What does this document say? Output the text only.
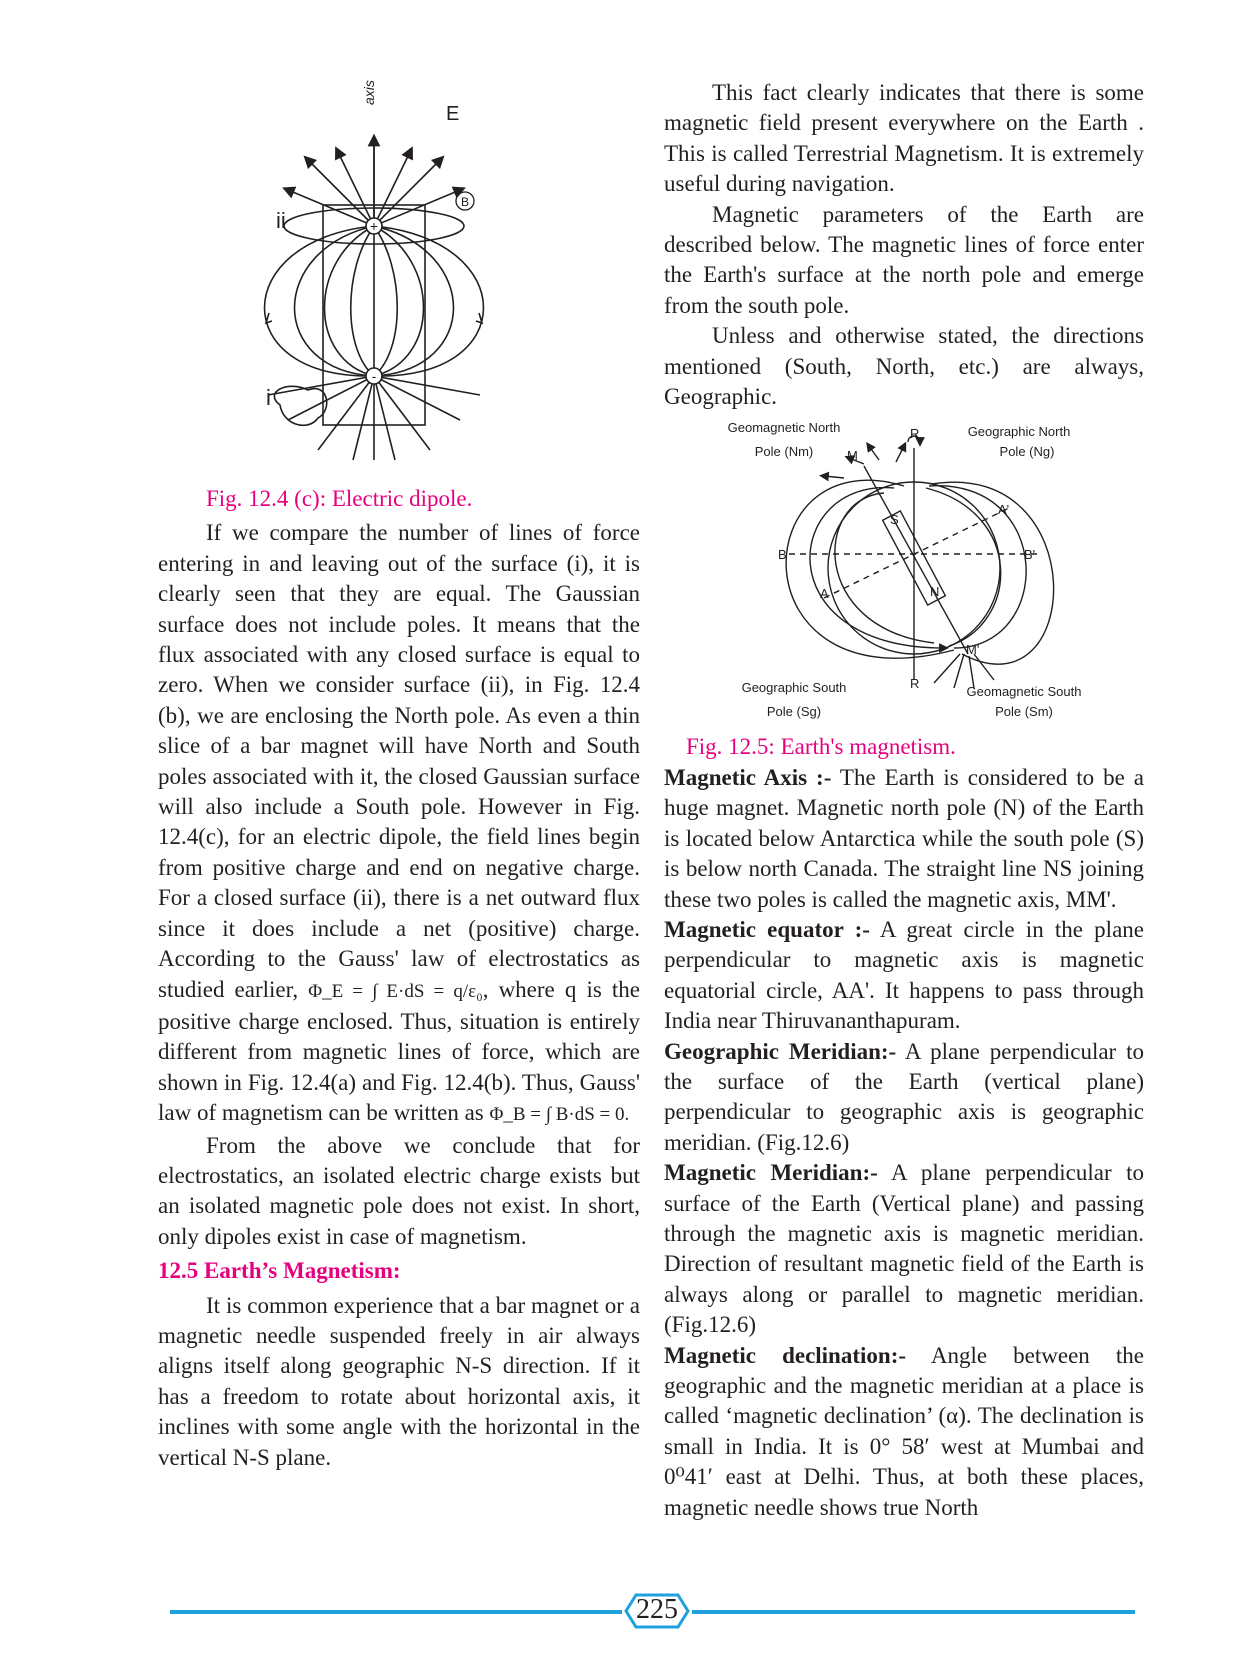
+
-
B
axis
E
ii
i

Fig. 12.4 (c): Electric dipole.

If we compare the number of lines of force entering in and leaving out of the surface (i), it is clearly seen that they are equal. The Gaussian surface does not include poles. It means that the flux associated with any closed surface is equal to zero. When we consider surface (ii), in Fig. 12.4 (b), we are enclosing the North pole. As even a thin slice of a bar magnet will have North and South poles associated with it, the closed Gaussian surface will also include a South pole. However in Fig. 12.4(c), for an electric dipole, the field lines begin from positive charge and end on negative charge. For a closed surface (ii), there is a net outward flux since it does include a net (positive) charge. According to the Gauss' law of electrostatics as studied earlier, Φ_E = ∫ E·dS = q/ε₀, where q is the positive charge enclosed. Thus, situation is entirely different from magnetic lines of force, which are shown in Fig. 12.4(a) and Fig. 12.4(b). Thus, Gauss' law of magnetism can be written as Φ_B = ∫ B·dS = 0.

From the above we conclude that for electrostatics, an isolated electric charge exists but an isolated magnetic pole does not exist. In short, only dipoles exist in case of magnetism.

12.5 Earth’s Magnetism:

It is common experience that a bar magnet or a magnetic needle suspended freely in air always aligns itself along geographic N-S direction. If it has a freedom to rotate about horizontal axis, it inclines with some angle with the horizontal in the vertical N-S plane.

This fact clearly indicates that there is some magnetic field present everywhere on the Earth . This is called Terrestrial Magnetism. It is extremely useful during navigation.

Magnetic parameters of the Earth are described below. The magnetic lines of force enter the Earth's surface at the north pole and emerge from the south pole.

Unless and otherwise stated, the directions mentioned (South, North, etc.) are always, Geographic.

Geomagnetic North
Pole (Nm)
Geographic North
Pole (Ng)
Geographic South
Pole (Sg)
Geomagnetic South
Pole (Sm)
R
R
M
M'
A
A'
B	B'
S
N

Fig. 12.5: Earth's magnetism.

Magnetic Axis :- The Earth is considered to be a huge magnet. Magnetic north pole (N) of the Earth is located below Antarctica while the south pole (S) is below north Canada. The straight line NS joining these two poles is called the magnetic axis, MM'.

Magnetic equator :- A great circle in the plane perpendicular to magnetic axis is magnetic equatorial circle, AA'. It happens to pass through India near Thiruvananthapuram.

Geographic Meridian:- A plane perpendicular to the surface of the Earth (vertical plane) perpendicular to geographic axis is geographic meridian. (Fig.12.6)

Magnetic Meridian:- A plane perpendicular to surface of the Earth (Vertical plane) and passing through the magnetic axis is magnetic meridian. Direction of resultant magnetic field of the Earth is always along or parallel to magnetic meridian. (Fig.12.6)

Magnetic declination:- Angle between the geographic and the magnetic meridian at a place is called ‘magnetic declination’ (α). The declination is small in India. It is 0° 58′ west at Mumbai and 0⁰41′ east at Delhi. Thus, at both these places, magnetic needle shows true North

225
